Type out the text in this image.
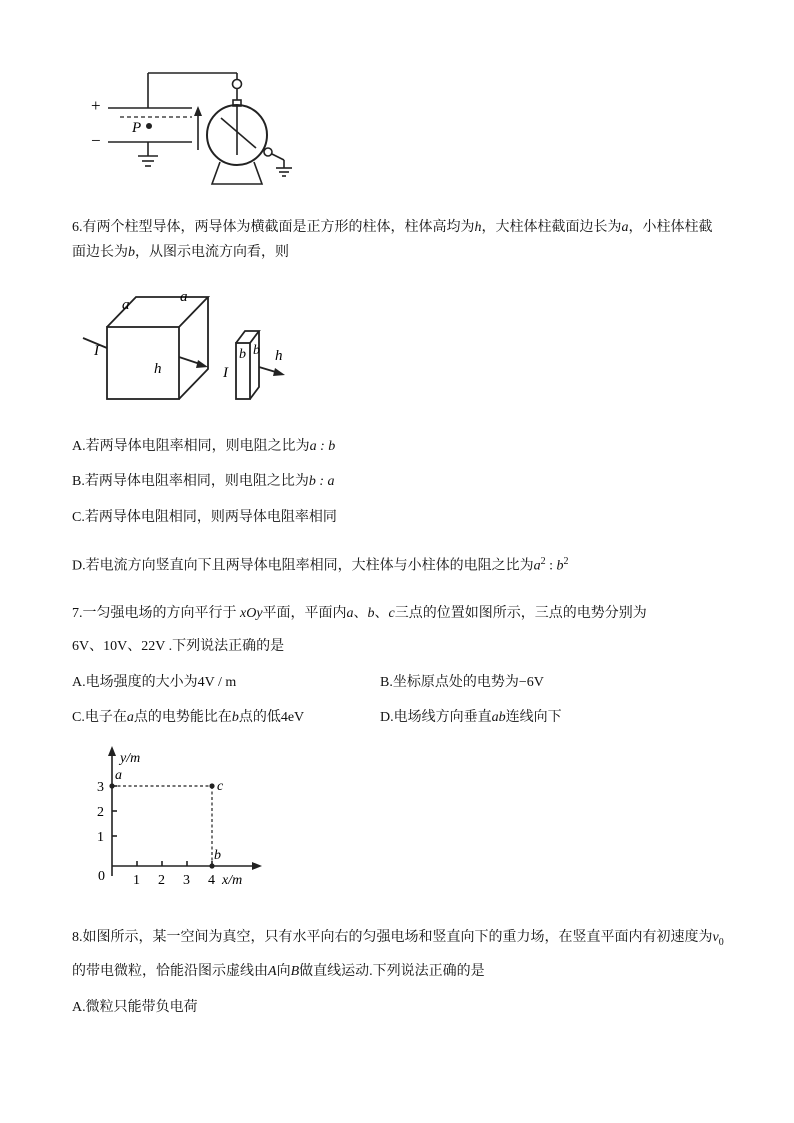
+
−
P
6.有两个柱型导体，两导体为横截面是正方形的柱体，柱体高均为h，大柱体柱截面边长为a，小柱体柱截
面边长为b，从图示电流方向看，则
a	a
h
I
I
b b h
A.若两导体电阻率相同，则电阻之比为a : b
B.若两导体电阻率相同，则电阻之比为b : a
C.若两导体电阻相同，则两导体电阻率相同
D.若电流方向竖直向下且两导体电阻率相同，大柱体与小柱体的电阻之比为$a^2$ : $b^2$
7.一匀强电场的方向平行于 xOy平面，平面内a、b、c三点的位置如图所示，三点的电势分别为
6V、10V、22V .下列说法正确的是
A.电场强度的大小为4V / m	B.坐标原点处的电势为−6V
C.电子在a点的电势能比在b点的低4eV	D.电场线方向垂直ab连线向下
y/m
x/m
0 1 2 3 4
1
2
3
a
c
b
8.如图所示，某一空间为真空，只有水平向右的匀强电场和竖直向下的重力场，在竖直平面内有初速度为$v_0$
的带电微粒，恰能沿图示虚线由A向B做直线运动.下列说法正确的是
A.微粒只能带负电荷
